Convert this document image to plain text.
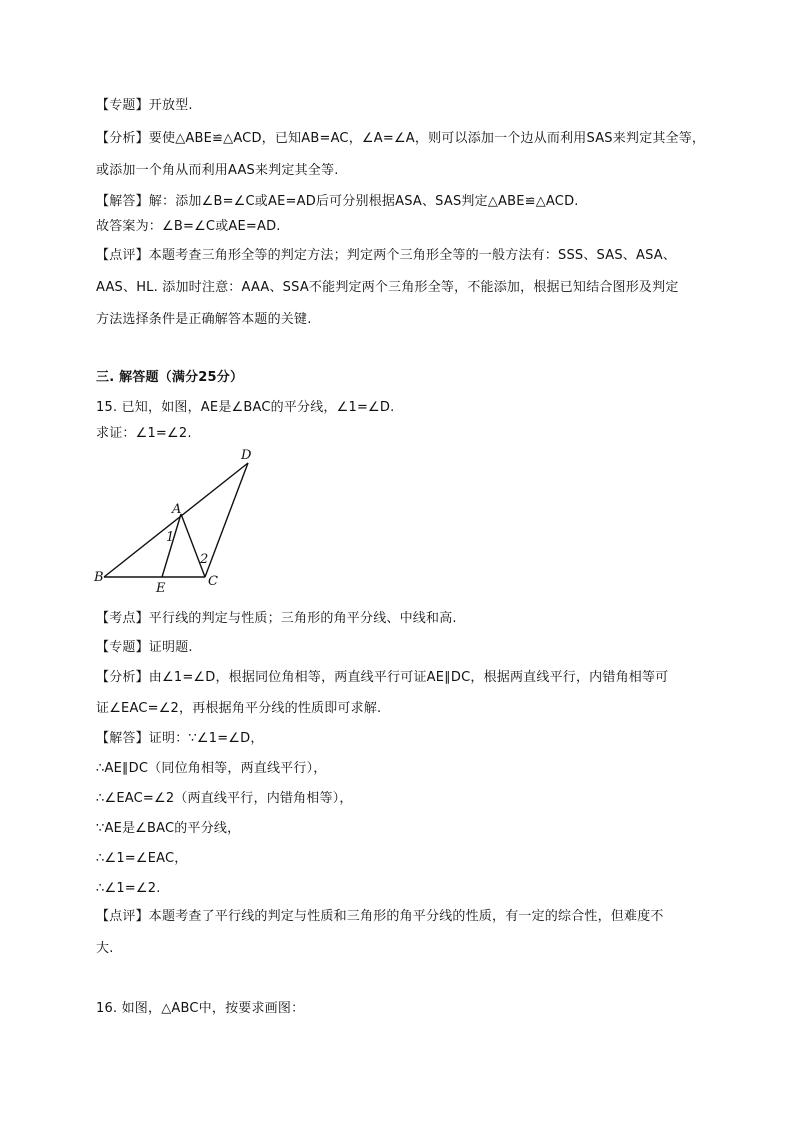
【专题】开放型.
【分析】要使△ABE≌△ACD，已知AB=AC，∠A=∠A，则可以添加一个边从而利用SAS来判定其全等，
或添加一个角从而利用AAS来判定其全等.
【解答】解：添加∠B=∠C或AE=AD后可分别根据ASA、SAS判定△ABE≌△ACD.
故答案为：∠B=∠C或AE=AD.
【点评】本题考查三角形全等的判定方法；判定两个三角形全等的一般方法有：SSS、SAS、ASA、
AAS、HL. 添加时注意：AAA、SSA不能判定两个三角形全等，不能添加，根据已知结合图形及判定
方法选择条件是正确解答本题的关键.
三. 解答题（满分25分）
15. 已知，如图，AE是∠BAC的平分线，∠1=∠D.
求证：∠1=∠2.
D
A
1
2
B
E	C
【考点】平行线的判定与性质；三角形的角平分线、中线和高.
【专题】证明题.
【分析】由∠1=∠D，根据同位角相等，两直线平行可证AE∥DC，根据两直线平行，内错角相等可
证∠EAC=∠2，再根据角平分线的性质即可求解.
【解答】证明：∵∠1=∠D，
∴AE∥DC（同位角相等，两直线平行），
∴∠EAC=∠2（两直线平行，内错角相等），
∵AE是∠BAC的平分线，
∴∠1=∠EAC，
∴∠1=∠2.
【点评】本题考查了平行线的判定与性质和三角形的角平分线的性质，有一定的综合性，但难度不
大.
16. 如图，△ABC中，按要求画图：
